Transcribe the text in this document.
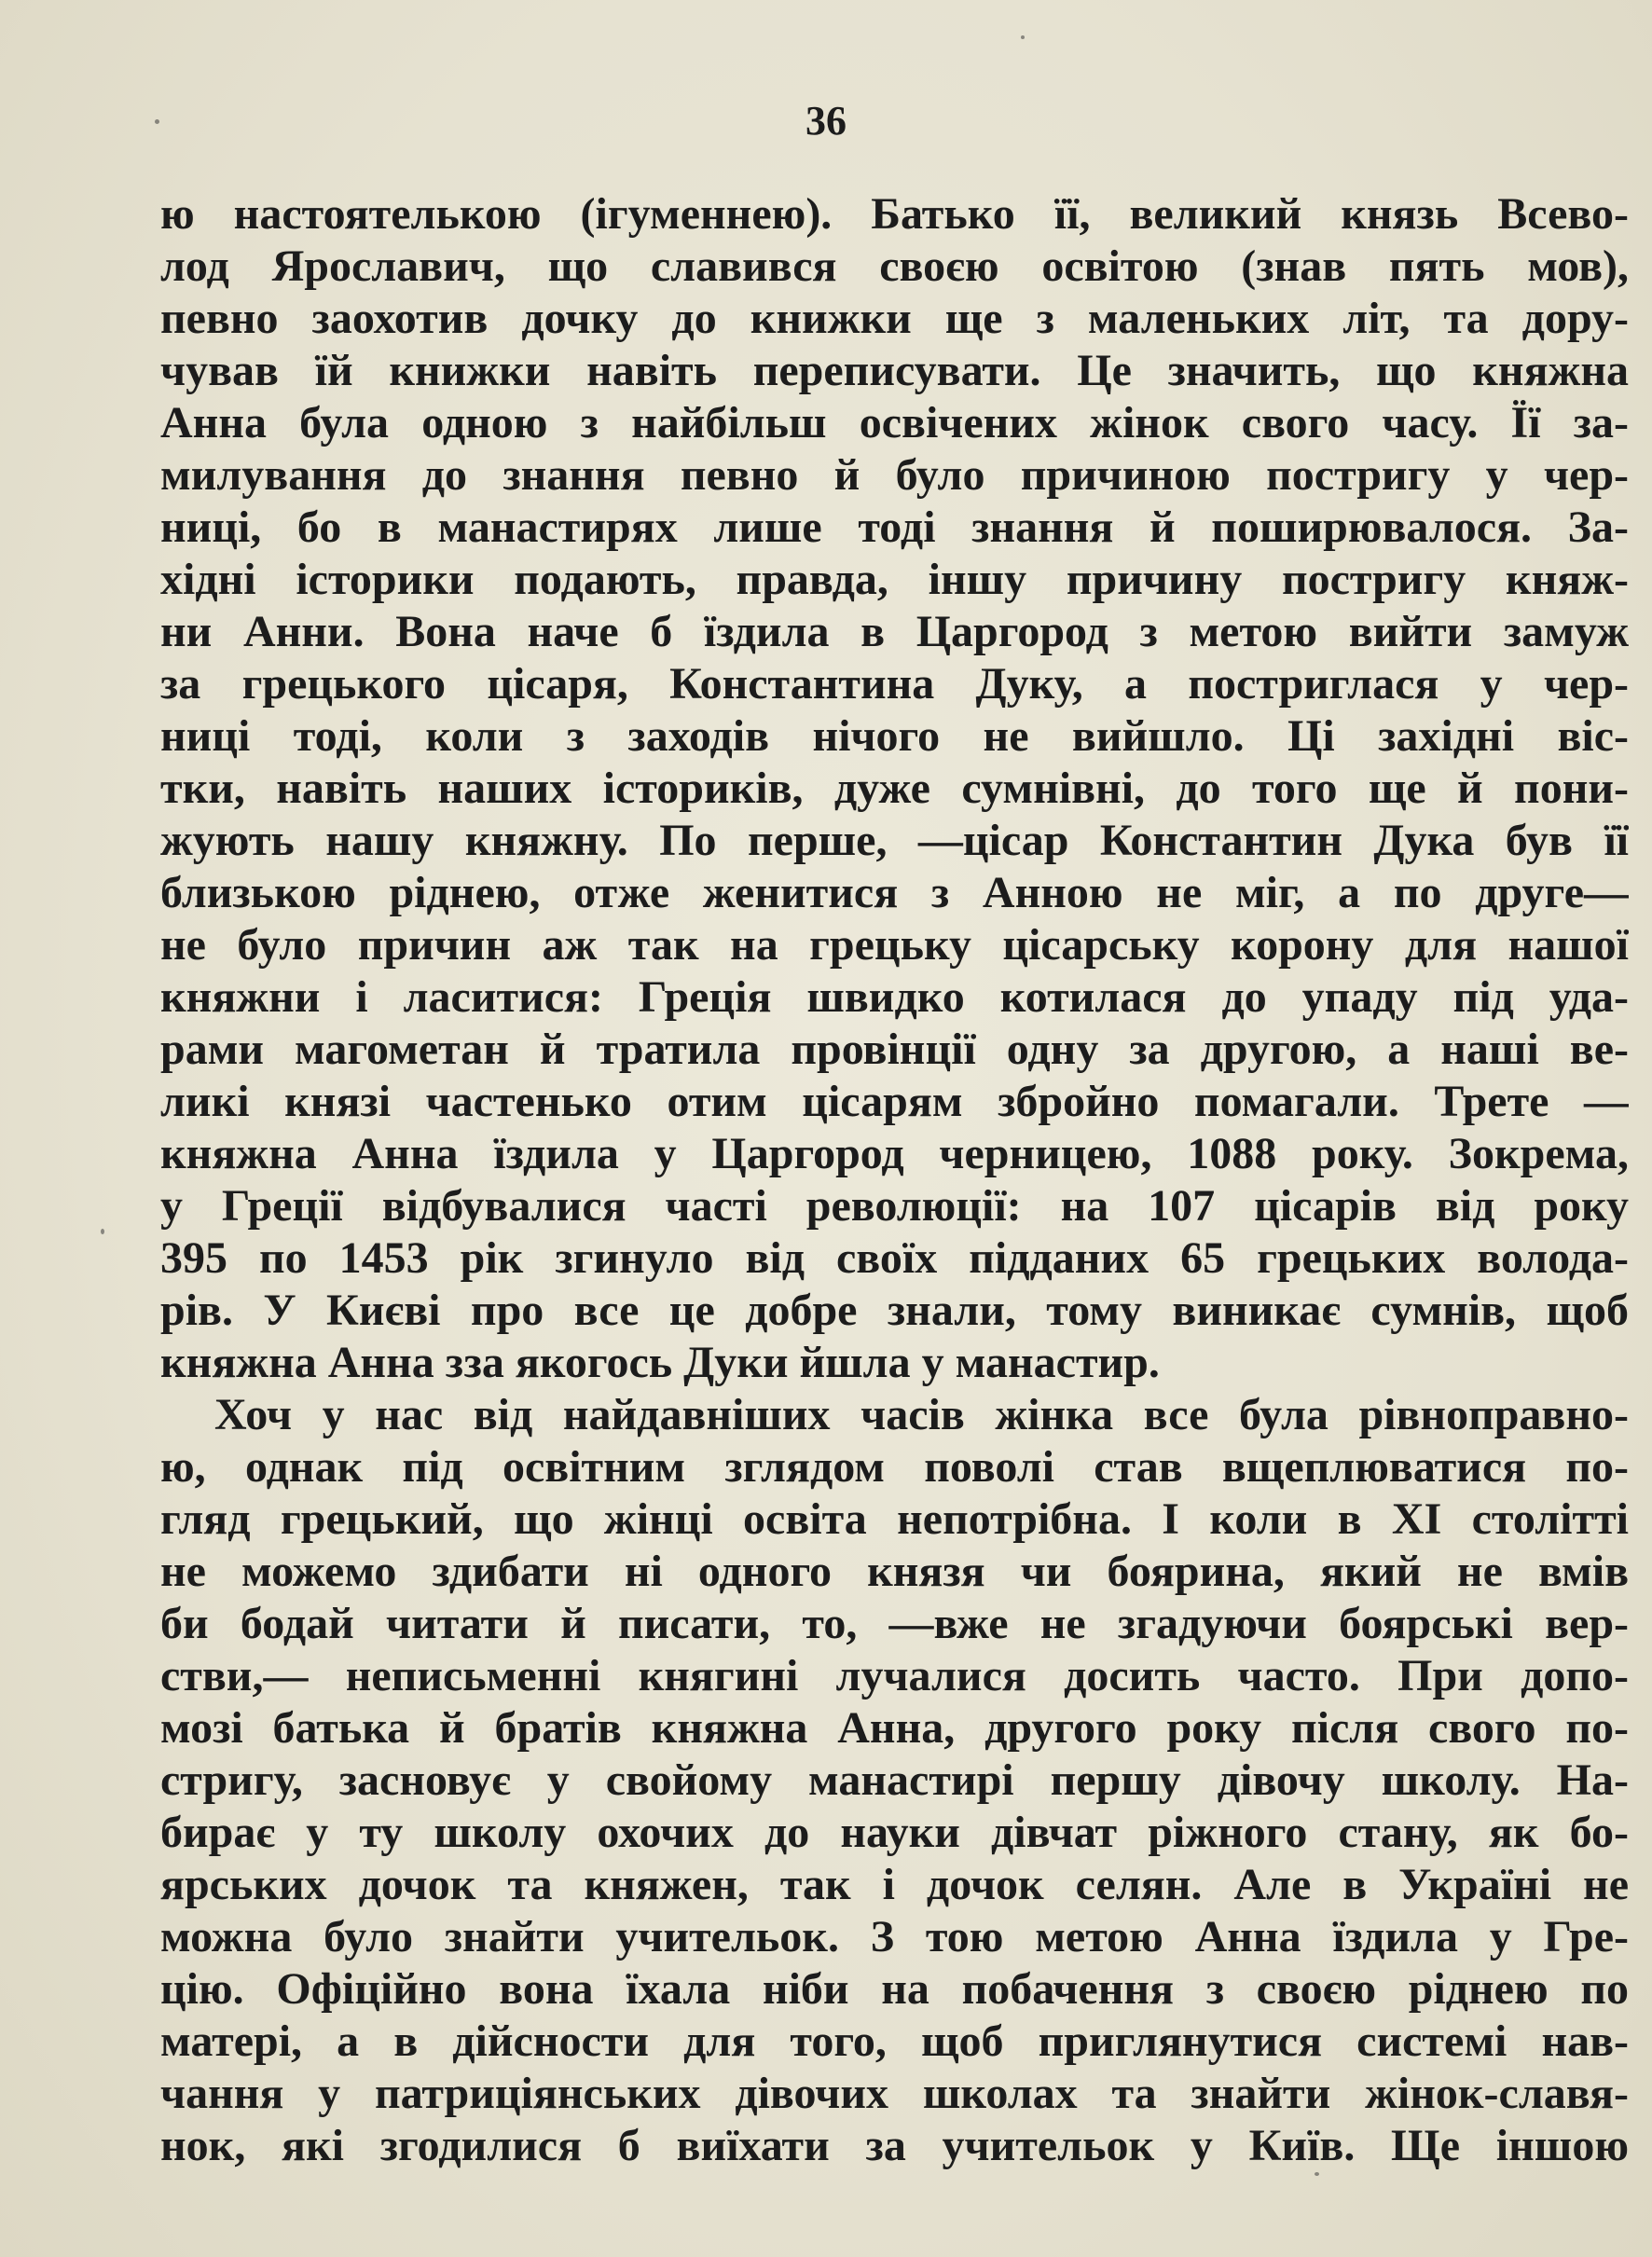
36
ю настоятелькою (ігуменнею). Батько її, великий князь Всево-
лод Ярославич, що славився своєю освітою (знав пять мов),
певно заохотив дочку до книжки ще з маленьких літ, та дору-
чував їй книжки навіть переписувати. Це значить, що княжна
Анна була одною з найбільш освічених жінок свого часу. Її за-
милування до знання певно й було причиною постригу у чер-
ниці, бо в манастирях лише тоді знання й поширювалося. За-
хідні історики подають, правда, іншу причину постригу княж-
ни Анни. Вона наче б їздила в Царгород з метою вийти замуж
за грецького цісаря, Константина Дуку, а постриглася у чер-
ниці тоді, коли з заходів нічого не вийшло. Ці західні віс-
тки, навіть наших істориків, дуже сумнівні, до того ще й пони-
жують нашу княжну. По перше, —цісар Константин Дука був її
близькою ріднею, отже женитися з Анною не міг, а по друге—
не було причин аж так на грецьку цісарську корону для нашої
княжни і ласитися: Греція швидко котилася до упаду під уда-
рами магометан й тратила провінції одну за другою, а наші ве-
ликі князі частенько отим цісарям збройно помагали. Трете —
княжна Анна їздила у Царгород черницею, 1088 року. Зокрема,
у Греції відбувалися часті революції: на 107 цісарів від року
395 по 1453 рік згинуло від своїх підданих 65 грецьких волода-
рів. У Києві про все це добре знали, тому виникає сумнів, щоб
княжна Анна зза якогось Дуки йшла у манастир.
Хоч у нас від найдавніших часів жінка все була рівноправно-
ю, однак під освітним зглядом поволі став вщеплюватися по-
гляд грецький, що жінці освіта непотрібна. І коли в XI столітті
не можемо здибати ні одного князя чи боярина, який не вмів
би бодай читати й писати, то, —вже не згадуючи боярські вер-
стви,— неписьменні княгині лучалися досить часто. При допо-
мозі батька й братів княжна Анна, другого року після свого по-
стригу, засновує у свойому манастирі першу дівочу школу. На-
бирає у ту школу охочих до науки дівчат ріжного стану, як бо-
ярських дочок та княжен, так і дочок селян. Але в Україні не
можна було знайти учительок. З тою метою Анна їздила у Гре-
цію. Офіційно вона їхала ніби на побачення з своєю ріднею по
матері, а в дійсности для того, щоб приглянутися системі нав-
чання у патриціянських дівочих школах та знайти жінок-славя-
нок, які згодилися б виїхати за учительок у Київ. Ще іншою
